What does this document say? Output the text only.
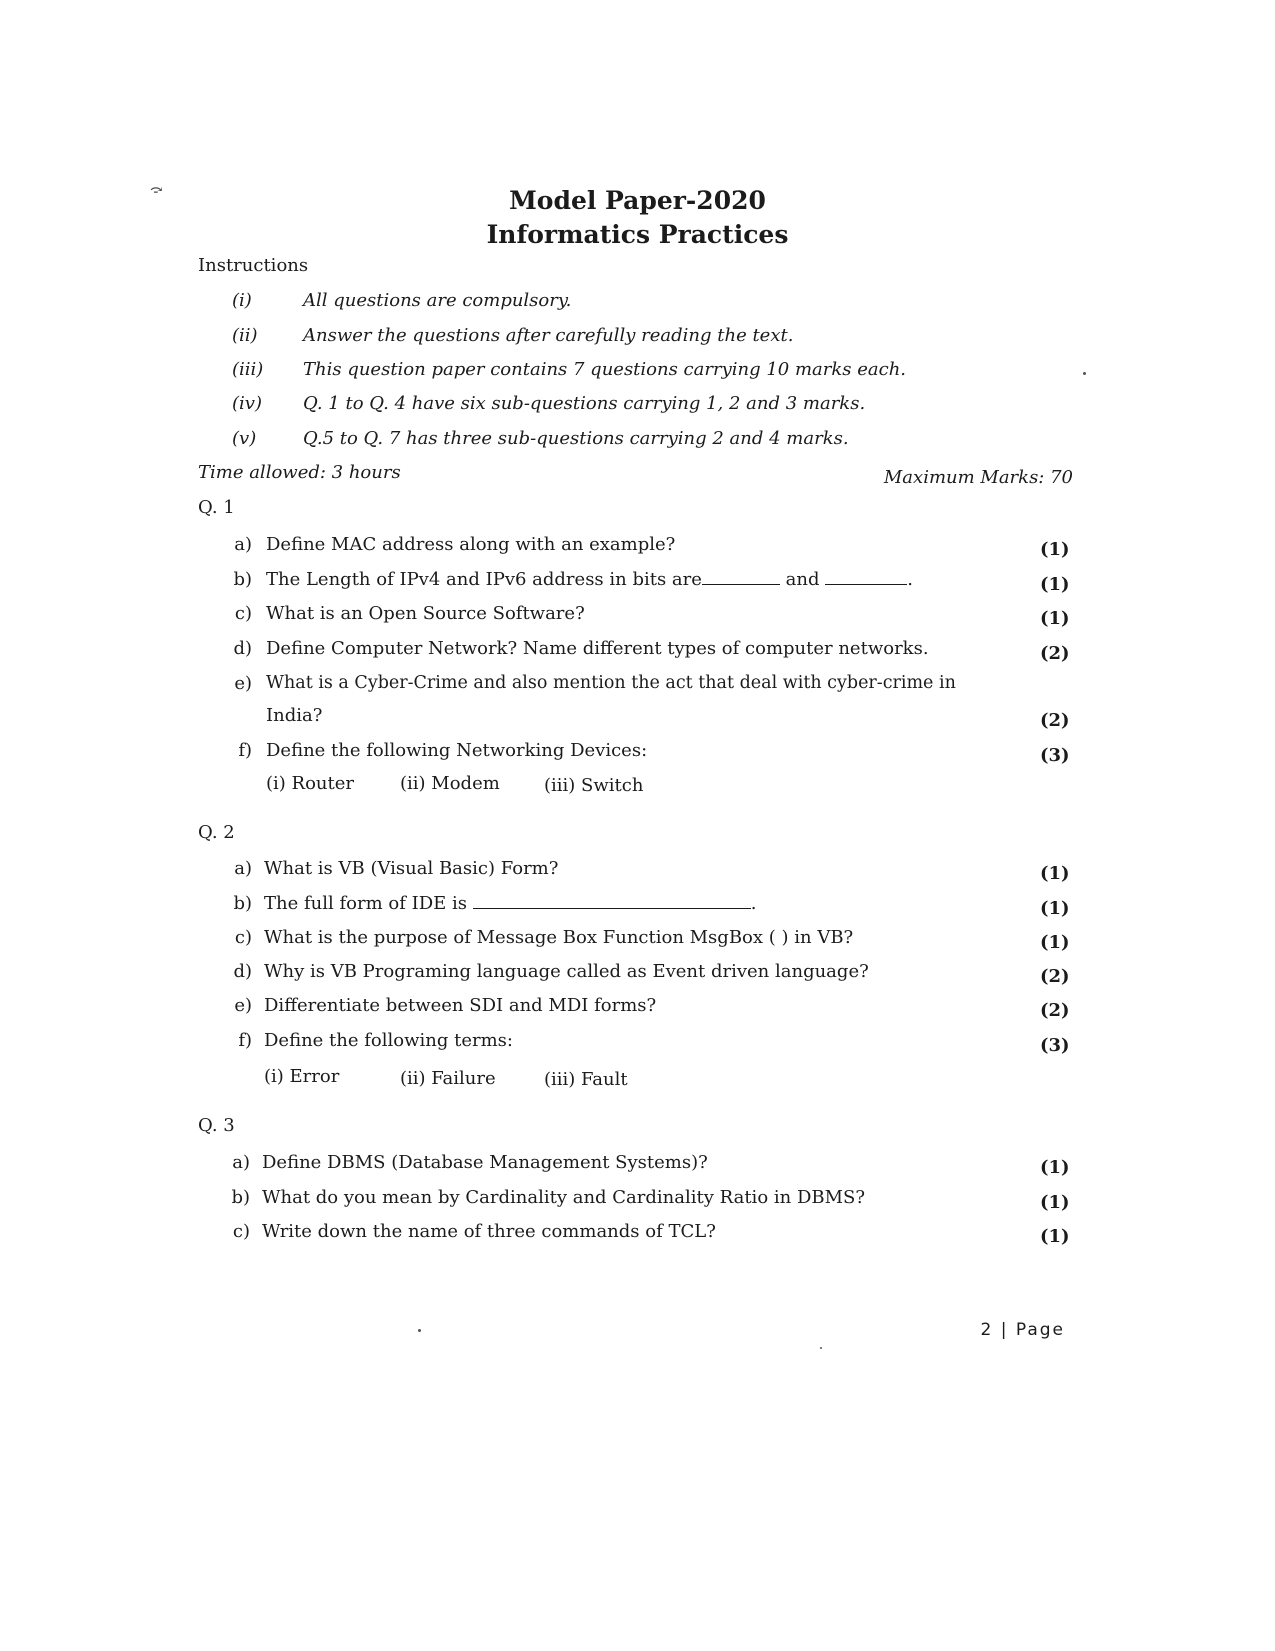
⤼	Model Paper-2020
Informatics Practices
Instructions
(i)	All questions are compulsory.
(ii)	Answer the questions after carefully reading the text.
(iii) This question paper contains 7 questions carrying 10 marks each.
(iv) Q. 1 to Q. 4 have six sub-questions carrying 1, 2 and 3 marks.
(v)	Q.5 to Q. 7 has three sub-questions carrying 2 and 4 marks.
Time allowed: 3 hours	Maximum Marks: 70
Q. 1
a) Define MAC address along with an example?	(1)
b) The Length of IPv4 and IPv6 address in bits are	and	.	(1)
c) What is an Open Source Software?	(1)
d) Define Computer Network? Name different types of computer networks.	(2)
e) What is a Cyber-Crime and also mention the act that deal with cyber-crime in
India?	(2)
f) Define the following Networking Devices:	(3)
(i) Router	(ii) Modem (iii) Switch
Q. 2
a) What is VB (Visual Basic) Form?	(1)
b) The full form of IDE is	.	(1)
c) What is the purpose of Message Box Function MsgBox ( ) in VB?	(1)
d) Why is VB Programing language called as Event driven language?	(2)
e) Differentiate between SDI and MDI forms?	(2)
f) Define the following terms:	(3)
(i) Error	(ii) Failure	(iii) Fault
Q. 3
a) Define DBMS (Database Management Systems)?	(1)
b) What do you mean by Cardinality and Cardinality Ratio in DBMS?	(1)
c) Write down the name of three commands of TCL?	(1)
2 | Page
